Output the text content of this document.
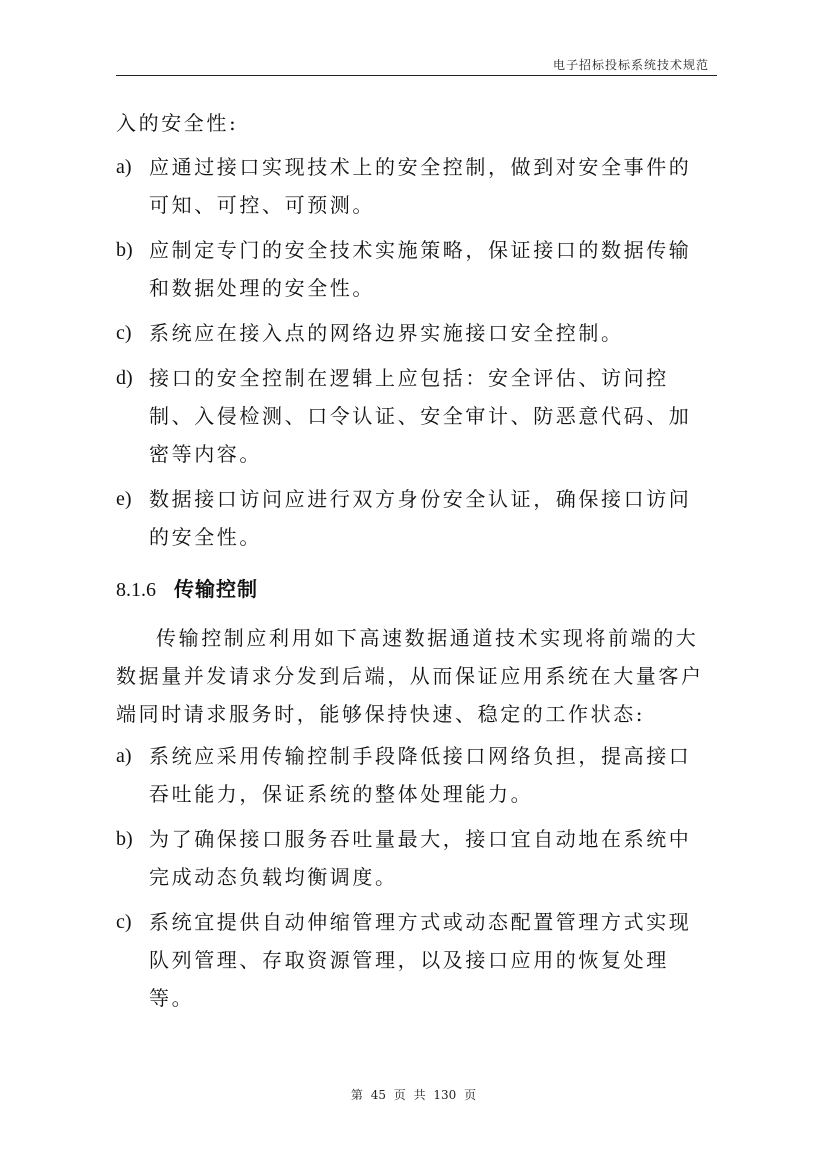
电子招标投标系统技术规范

入的安全性:

a) 应通过接口实现技术上的安全控制，做到对安全事件的可知、可控、可预测。
b) 应制定专门的安全技术实施策略，保证接口的数据传输和数据处理的安全性。
c) 系统应在接入点的网络边界实施接口安全控制。
d) 接口的安全控制在逻辑上应包括：安全评估、访问控制、入侵检测、口令认证、安全审计、防恶意代码、加密等内容。
e) 数据接口访问应进行双方身份安全认证，确保接口访问的安全性。
8.1.6 传输控制

传输控制应利用如下高速数据通道技术实现将前端的大数据量并发请求分发到后端，从而保证应用系统在大量客户端同时请求服务时，能够保持快速、稳定的工作状态:

a) 系统应采用传输控制手段降低接口网络负担，提高接口吞吐能力，保证系统的整体处理能力。
b) 为了确保接口服务吞吐量最大，接口宜自动地在系统中完成动态负载均衡调度。
c) 系统宜提供自动伸缩管理方式或动态配置管理方式实现队列管理、存取资源管理，以及接口应用的恢复处理等。
第 45 页 共 130 页
